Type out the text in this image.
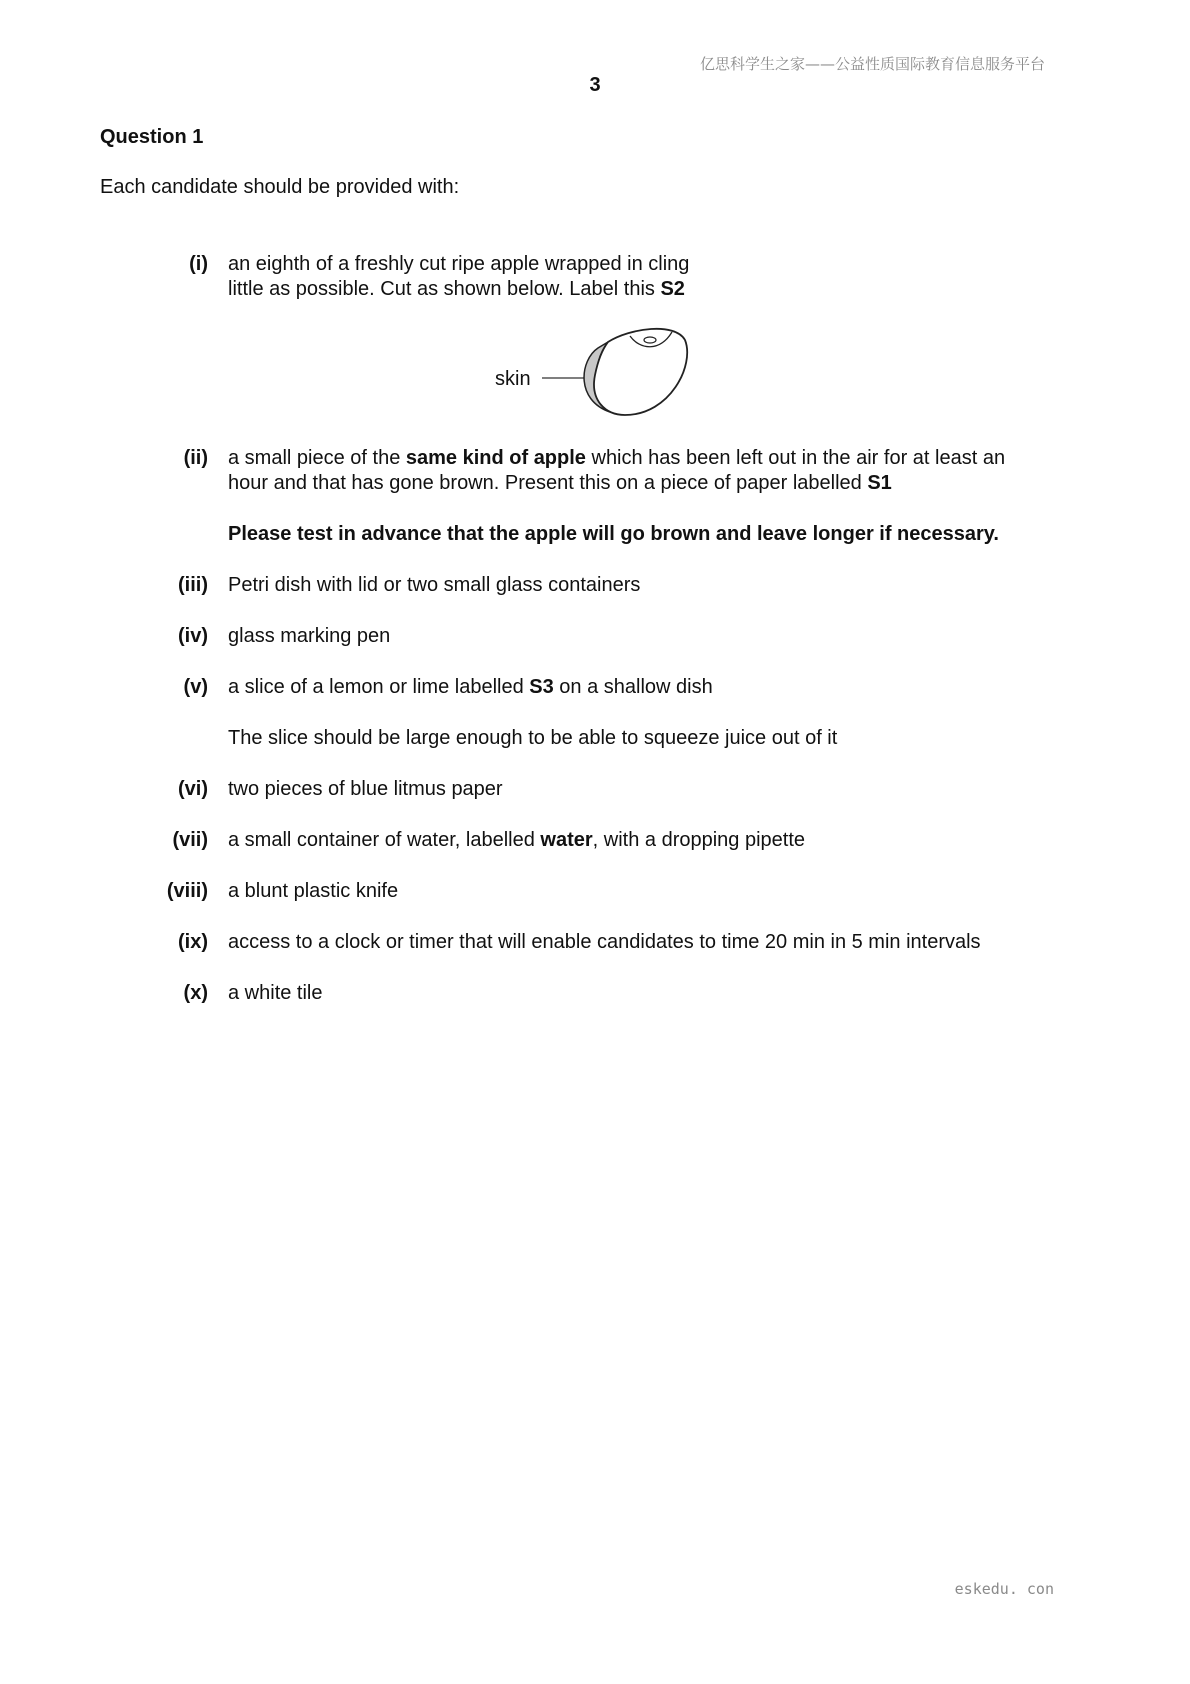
亿思科学生之家——公益性质国际教育信息服务平台
3
Question 1
Each candidate should be provided with:
(i) an eighth of a freshly cut ripe apple wrapped in cling
little as possible. Cut as shown below. Label this S2
skin
(ii) a small piece of the same kind of apple which has been left out in the air for at least an
hour and that has gone brown. Present this on a piece of paper labelled S1
Please test in advance that the apple will go brown and leave longer if necessary.
(iii) Petri dish with lid or two small glass containers
(iv) glass marking pen
(v) a slice of a lemon or lime labelled S3 on a shallow dish
The slice should be large enough to be able to squeeze juice out of it
(vi) two pieces of blue litmus paper
(vii) a small container of water, labelled water, with a dropping pipette
(viii) a blunt plastic knife
(ix) access to a clock or timer that will enable candidates to time 20 min in 5 min intervals
(x) a white tile
eskedu. con
